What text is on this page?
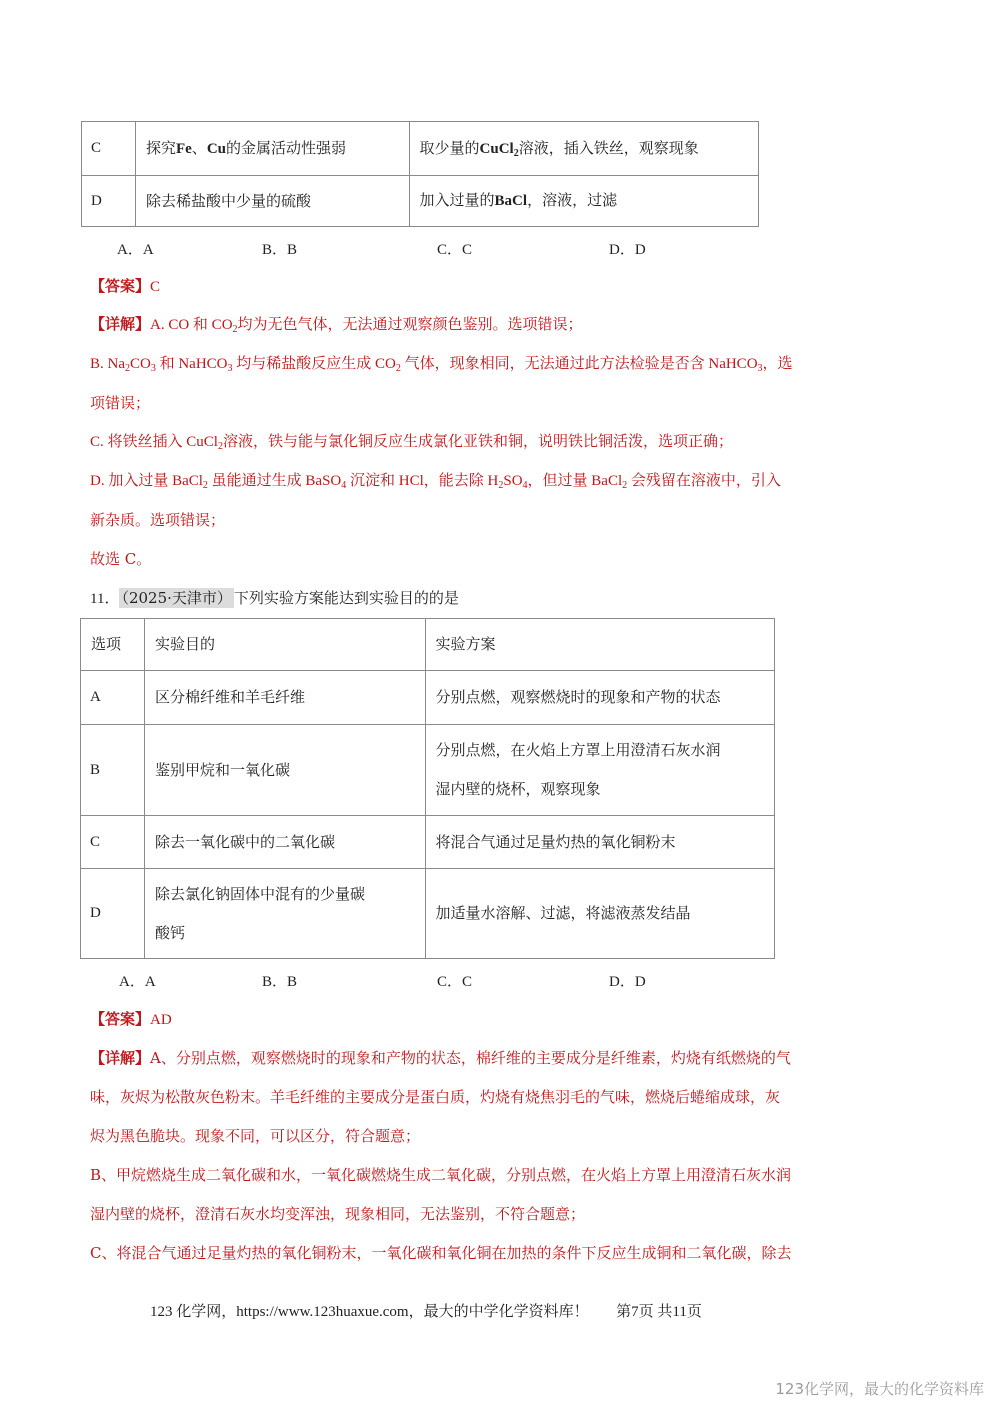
C	探究Fe、Cu的金属活动性强弱	取少量的CuCl$_2$溶液，插入铁丝，观察现象
D	除去稀盐酸中少量的硫酸	加入过量的BaCl，溶液，过滤
A．A	B．B	C．C	D．D
【答案】C
【详解】A. CO 和 $CO_2$均为无色气体，无法通过观察颜色鉴别。选项错误；
B. $Na_2CO_3$ 和 NaHCO$_3$ 均与稀盐酸反应生成 $CO_2$ 气体，现象相同，无法通过此方法检验是否含 NaHCO$_3$，选
项错误；
C. 将铁丝插入 CuCl$_2$溶液，铁与能与氯化铜反应生成氯化亚铁和铜，说明铁比铜活泼，选项正确；
D. 加入过量 BaCl$_2$ 虽能通过生成 BaSO$_4$ 沉淀和 HCl，能去除 $H_2SO_4$，但过量 BaCl$_2$ 会残留在溶液中，引入
新杂质。选项错误；
故选 C。
11． （2025·天津市） 下列实验方案能达到实验目的的是
选项	实验目的	实验方案
A	区分棉纤维和羊毛纤维	分别点燃，观察燃烧时的现象和产物的状态
B	鉴别甲烷和一氧化碳	分别点燃，在火焰上方罩上用澄清石灰水润
湿内壁的烧杯，观察现象

C	除去一氧化碳中的二氧化碳	将混合气通过足量灼热的氧化铜粉末
D	除去氯化钠固体中混有的少量碳
酸钙	加适量水溶解、过滤，将滤液蒸发结晶
A．A	B．B	C．C	D．D
【答案】AD
【详解】A、分别点燃，观察燃烧时的现象和产物的状态，棉纤维的主要成分是纤维素，灼烧有纸燃烧的气
味，灰烬为松散灰色粉末。羊毛纤维的主要成分是蛋白质，灼烧有烧焦羽毛的气味，燃烧后蜷缩成球，灰
烬为黑色脆块。现象不同，可以区分，符合题意；
B、甲烷燃烧生成二氧化碳和水，一氧化碳燃烧生成二氧化碳，分别点燃，在火焰上方罩上用澄清石灰水润
湿内壁的烧杯，澄清石灰水均变浑浊，现象相同，无法鉴别，不符合题意；
C、将混合气通过足量灼热的氧化铜粉末，一氧化碳和氧化铜在加热的条件下反应生成铜和二氧化碳，除去
123 化学网，https://www.123huaxue.com，最大的中学化学资料库！ 第7页 共11页
123化学网，最大的化学资料库
